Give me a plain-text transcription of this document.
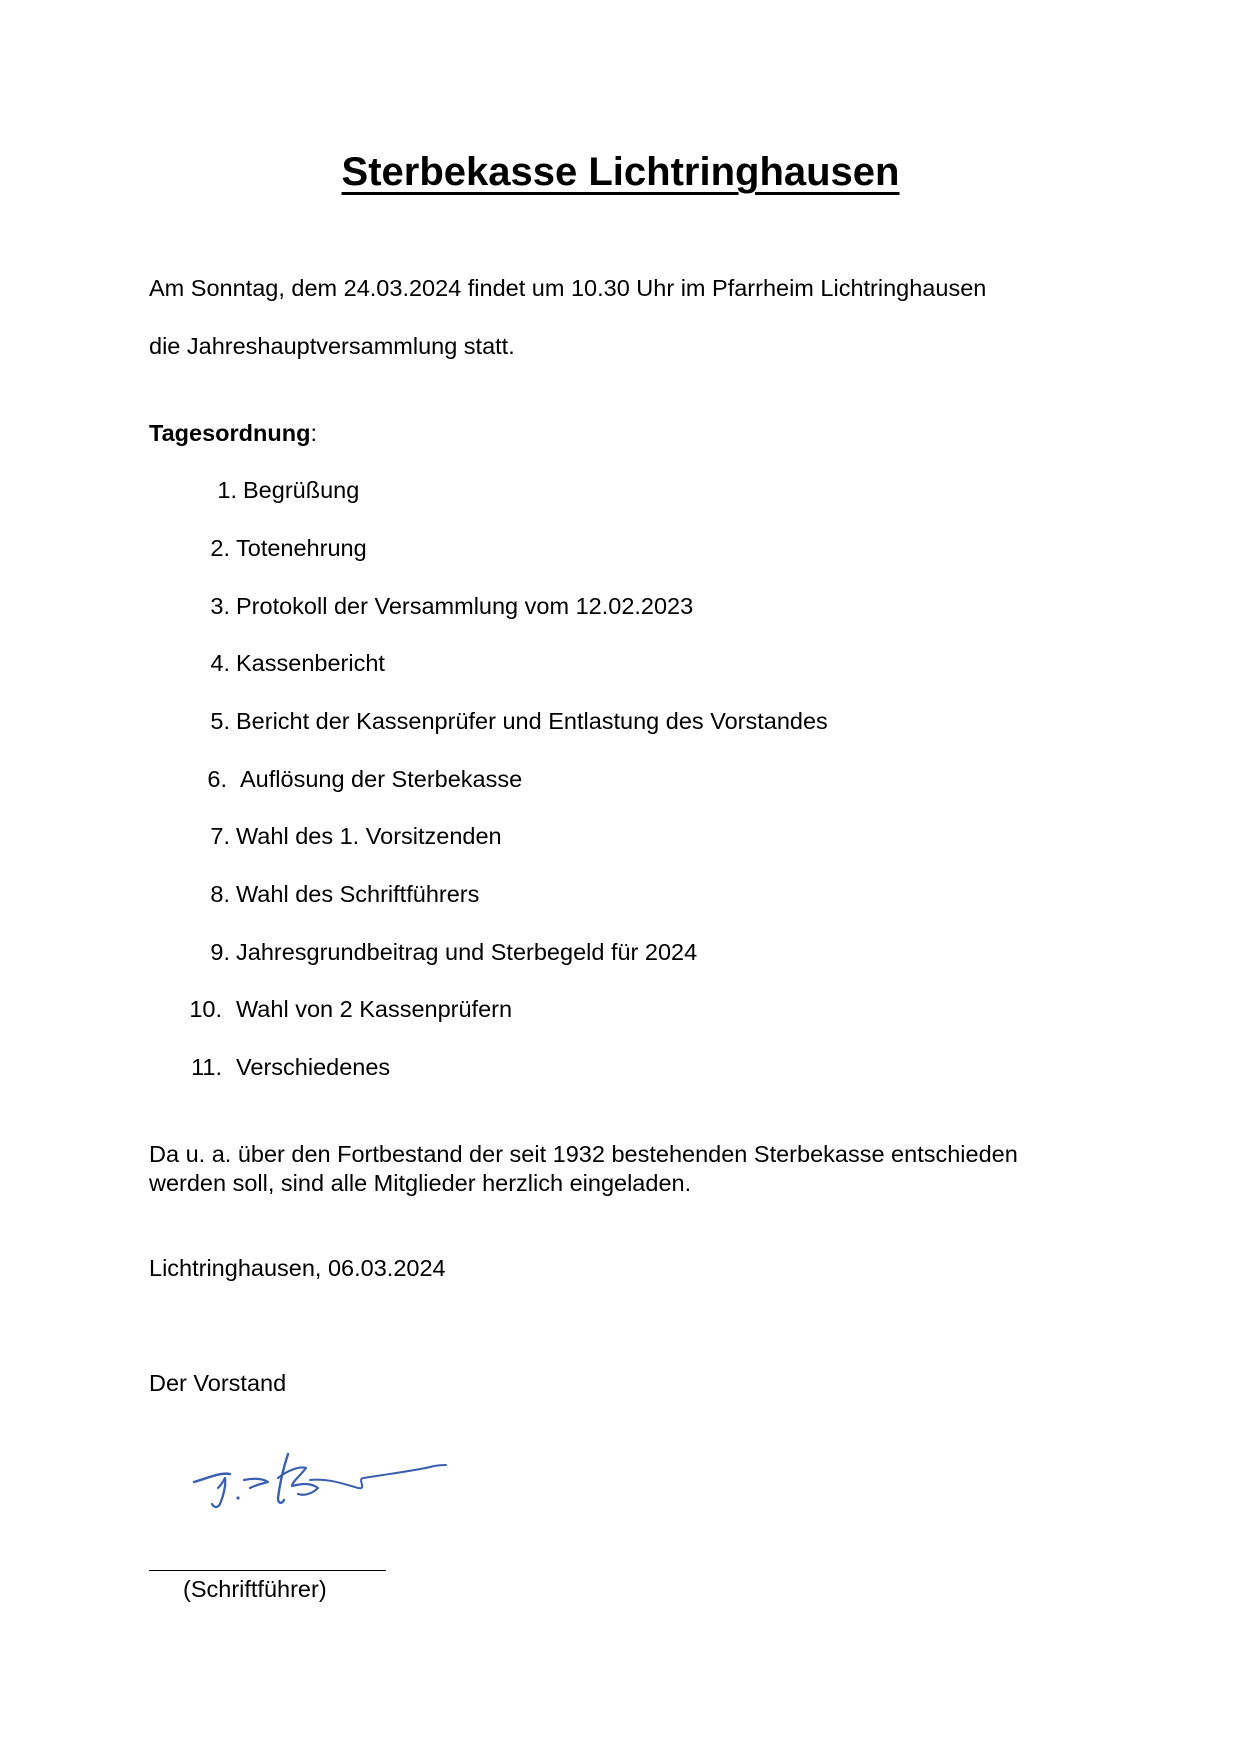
Sterbekasse Lichtringhausen
Am Sonntag, dem 24.03.2024 findet um 10.30 Uhr im Pfarrheim Lichtringhausen
die Jahreshauptversammlung statt.
Tagesordnung:
1. Begrüßung
2. Totenehrung
3. Protokoll der Versammlung vom 12.02.2023
4. Kassenbericht
5. Bericht der Kassenprüfer und Entlastung des Vorstandes
6. Auflösung der Sterbekasse
7. Wahl des 1. Vorsitzenden
8. Wahl des Schriftführers
9. Jahresgrundbeitrag und Sterbegeld für 2024
10. Wahl von 2 Kassenprüfern
11. Verschiedenes
Da u. a. über den Fortbestand der seit 1932 bestehenden Sterbekasse entschieden
werden soll, sind alle Mitglieder herzlich eingeladen.
Lichtringhausen, 06.03.2024
Der Vorstand
(Schriftführer)
